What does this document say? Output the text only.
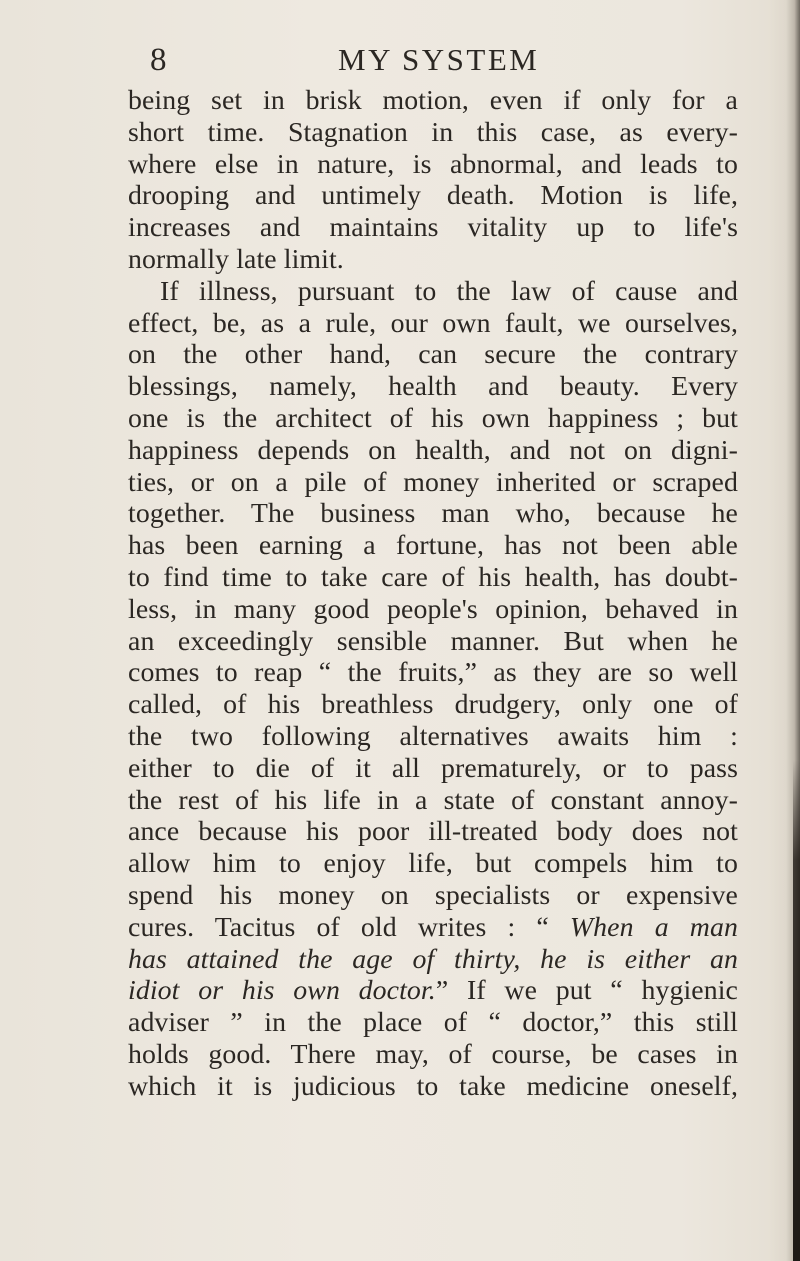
8	MY SYSTEM
being set in brisk motion, even if only for a
short time. Stagnation in this case, as every-
where else in nature, is abnormal, and leads to
drooping and untimely death. Motion is life,
increases and maintains vitality up to life's
normally late limit.
If illness, pursuant to the law of cause and
effect, be, as a rule, our own fault, we ourselves,
on the other hand, can secure the contrary
blessings, namely, health and beauty. Every
one is the architect of his own happiness ; but
happiness depends on health, and not on digni-
ties, or on a pile of money inherited or scraped
together. The business man who, because he
has been earning a fortune, has not been able
to find time to take care of his health, has doubt-
less, in many good people's opinion, behaved in
an exceedingly sensible manner. But when he
comes to reap “ the fruits,” as they are so well
called, of his breathless drudgery, only one of
the two following alternatives awaits him :
either to die of it all prematurely, or to pass
the rest of his life in a state of constant annoy-
ance because his poor ill-treated body does not
allow him to enjoy life, but compels him to
spend his money on specialists or expensive
cures. Tacitus of old writes : “ When a man
has attained the age of thirty, he is either an
idiot or his own doctor.” If we put “ hygienic
adviser ” in the place of “ doctor,” this still
holds good. There may, of course, be cases in
which it is judicious to take medicine oneself,
